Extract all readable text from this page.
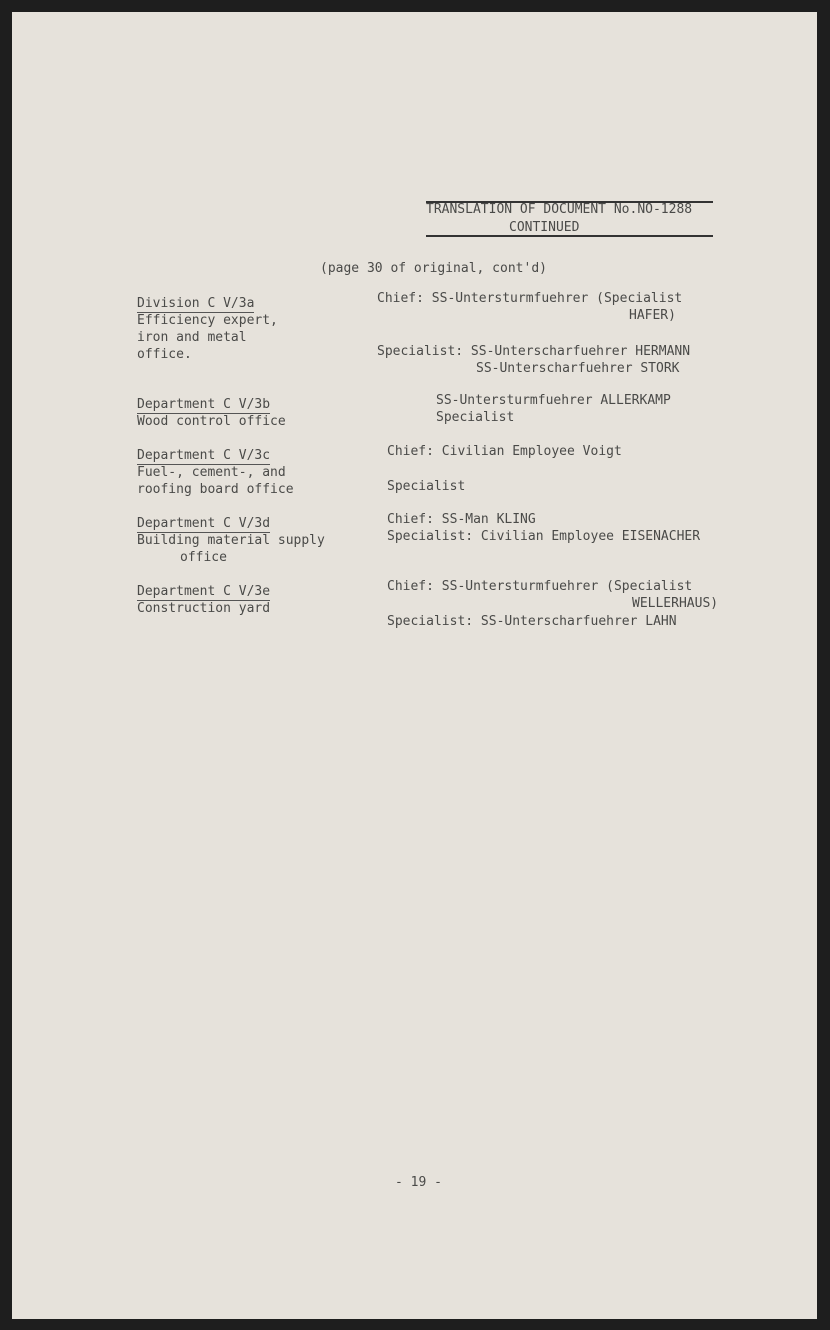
TRANSLATION OF DOCUMENT No.NO-1288
CONTINUED
(page 30 of original, cont'd)
Division C V/3a
Efficiency expert,
iron and metal
office.
Chief: SS-Untersturmfuehrer (Specialist
HAFER)
Specialist: SS-Unterscharfuehrer HERMANN
SS-Unterscharfuehrer STORK
Department C V/3b
Wood control office
SS-Untersturmfuehrer ALLERKAMP
Specialist
Department C V/3c
Fuel-, cement-, and
roofing board office
Chief: Civilian Employee Voigt
Specialist
Department C V/3d
Building material supply
office
Chief: SS-Man KLING
Specialist: Civilian Employee EISENACHER
Department C V/3e
Construction yard
Chief: SS-Untersturmfuehrer (Specialist
WELLERHAUS)
Specialist: SS-Unterscharfuehrer LAHN
- 19 -
